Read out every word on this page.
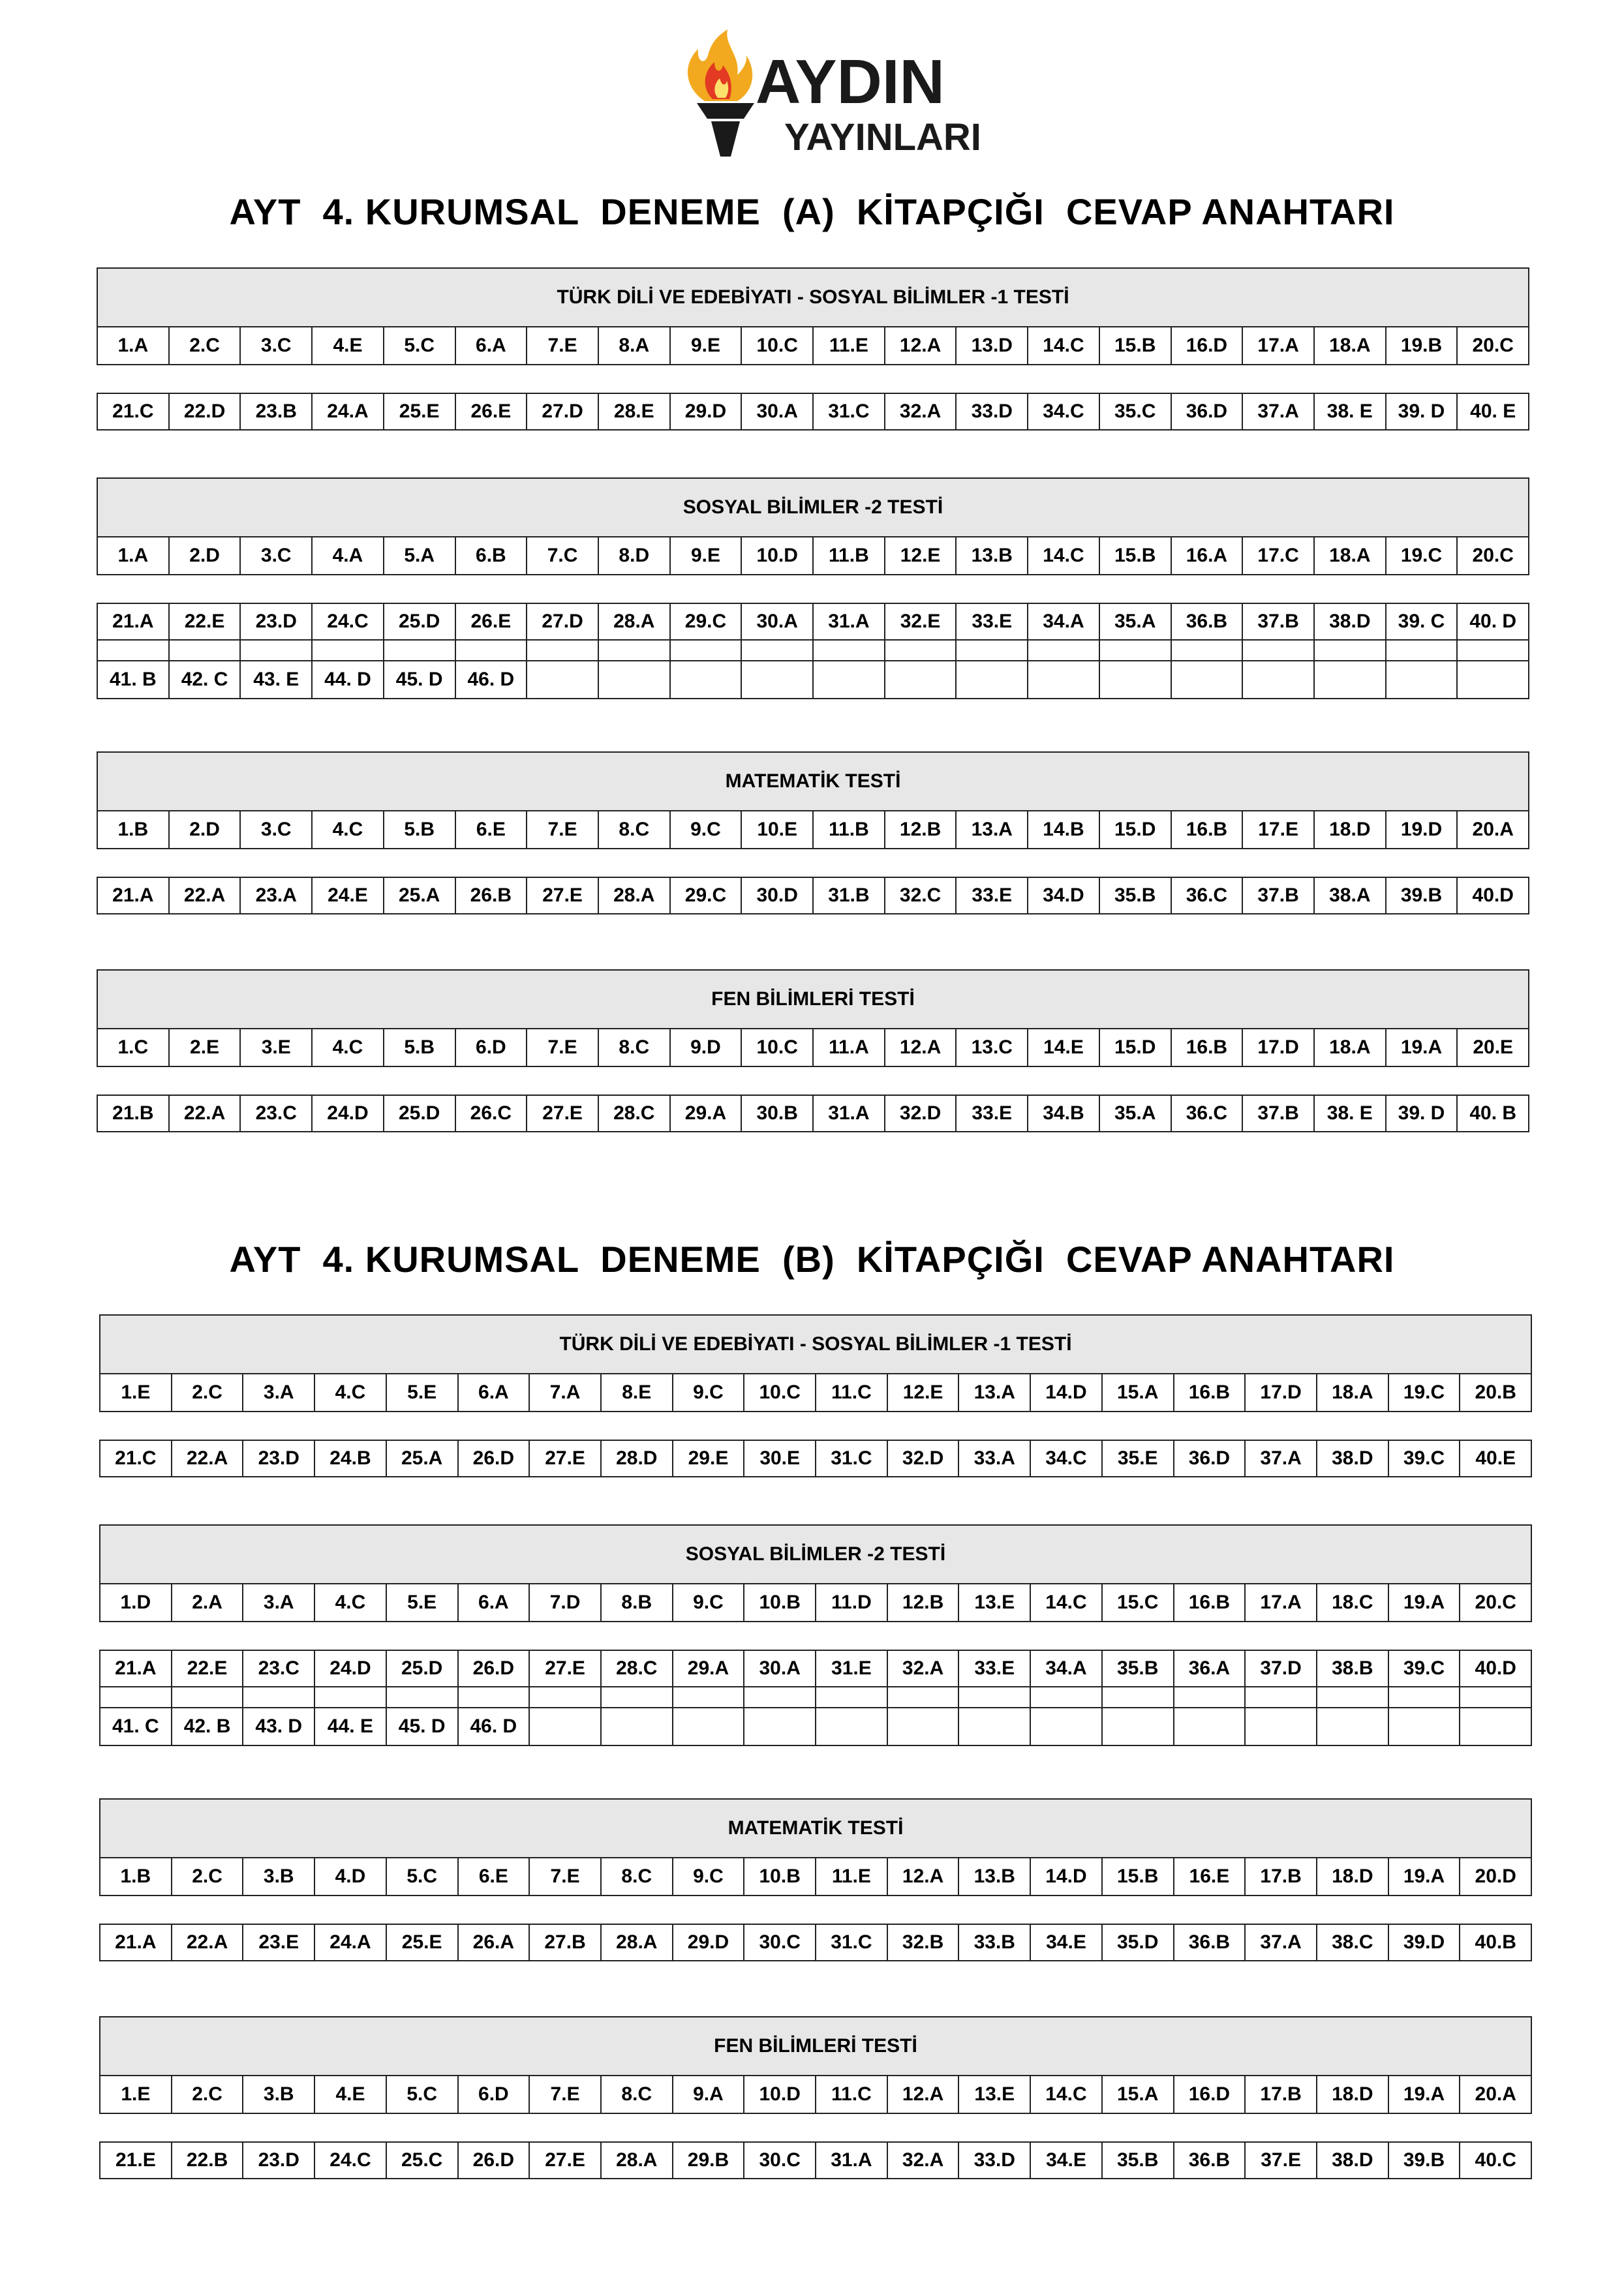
AYDIN
YAYINLARI
AYT  4. KURUMSAL  DENEME  (A)  KİTAPÇIĞI  CEVAP ANAHTARI
TÜRK DİLİ VE EDEBİYATI - SOSYAL BİLİMLER -1 TESTİ
1.A	2.C	3.C	4.E	5.C	6.A	7.E	8.A	9.E	10.C	11.E	12.A	13.D	14.C	15.B	16.D	17.A	18.A	19.B	20.C
21.C	22.D	23.B	24.A	25.E	26.E	27.D	28.E	29.D	30.A	31.C	32.A	33.D	34.C	35.C	36.D	37.A	38. E	39. D	40. E
SOSYAL BİLİMLER -2 TESTİ
1.A	2.D	3.C	4.A	5.A	6.B	7.C	8.D	9.E	10.D	11.B	12.E	13.B	14.C	15.B	16.A	17.C	18.A	19.C	20.C
21.A	22.E	23.D	24.C	25.D	26.E	27.D	28.A	29.C	30.A	31.A	32.E	33.E	34.A	35.A	36.B	37.B	38.D	39. C	40. D
41. B	42. C	43. E	44. D	45. D	46. D
MATEMATİK TESTİ
1.B	2.D	3.C	4.C	5.B	6.E	7.E	8.C	9.C	10.E	11.B	12.B	13.A	14.B	15.D	16.B	17.E	18.D	19.D	20.A
21.A	22.A	23.A	24.E	25.A	26.B	27.E	28.A	29.C	30.D	31.B	32.C	33.E	34.D	35.B	36.C	37.B	38.A	39.B	40.D
FEN BİLİMLERİ TESTİ
1.C	2.E	3.E	4.C	5.B	6.D	7.E	8.C	9.D	10.C	11.A	12.A	13.C	14.E	15.D	16.B	17.D	18.A	19.A	20.E
21.B	22.A	23.C	24.D	25.D	26.C	27.E	28.C	29.A	30.B	31.A	32.D	33.E	34.B	35.A	36.C	37.B	38. E	39. D	40. B
AYT  4. KURUMSAL  DENEME  (B)  KİTAPÇIĞI  CEVAP ANAHTARI
TÜRK DİLİ VE EDEBİYATI - SOSYAL BİLİMLER -1 TESTİ
1.E	2.C	3.A	4.C	5.E	6.A	7.A	8.E	9.C	10.C	11.C	12.E	13.A	14.D	15.A	16.B	17.D	18.A	19.C	20.B
21.C	22.A	23.D	24.B	25.A	26.D	27.E	28.D	29.E	30.E	31.C	32.D	33.A	34.C	35.E	36.D	37.A	38.D	39.C	40.E
SOSYAL BİLİMLER -2 TESTİ
1.D	2.A	3.A	4.C	5.E	6.A	7.D	8.B	9.C	10.B	11.D	12.B	13.E	14.C	15.C	16.B	17.A	18.C	19.A	20.C
21.A	22.E	23.C	24.D	25.D	26.D	27.E	28.C	29.A	30.A	31.E	32.A	33.E	34.A	35.B	36.A	37.D	38.B	39.C	40.D
41. C	42. B	43. D	44. E	45. D	46. D
MATEMATİK TESTİ
1.B	2.C	3.B	4.D	5.C	6.E	7.E	8.C	9.C	10.B	11.E	12.A	13.B	14.D	15.B	16.E	17.B	18.D	19.A	20.D
21.A	22.A	23.E	24.A	25.E	26.A	27.B	28.A	29.D	30.C	31.C	32.B	33.B	34.E	35.D	36.B	37.A	38.C	39.D	40.B
FEN BİLİMLERİ TESTİ
1.E	2.C	3.B	4.E	5.C	6.D	7.E	8.C	9.A	10.D	11.C	12.A	13.E	14.C	15.A	16.D	17.B	18.D	19.A	20.A
21.E	22.B	23.D	24.C	25.C	26.D	27.E	28.A	29.B	30.C	31.A	32.A	33.D	34.E	35.B	36.B	37.E	38.D	39.B	40.C
